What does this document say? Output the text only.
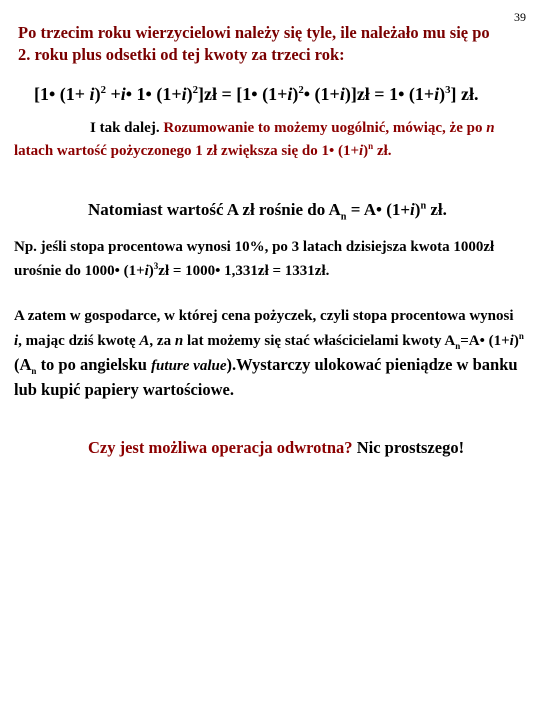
39
Po trzecim roku wierzycielowi należy się tyle, ile należało mu się po 2. roku plus odsetki od tej kwoty za trzeci rok:
[1• $(1+ i)^2$ +i• 1• $(1+i)^2]zł$ = [1• $(1+i)^2•$ (1+i)]zł = 1• $(1+i)^3$] zł.
I tak dalej. Rozumowanie to możemy uogólnić, mówiąc, że po n latach wartość pożyczonego 1 zł zwiększa się do 1• $(1+i)^n$ zł.
Natomiast wartość A zł rośnie do $A_n$ = A• $(1+i)^n$ zł.
Np. jeśli stopa procentowa wynosi 10%, po 3 latach dzisiejsza kwota 1000zł urośnie do 1000• $(1+i)^3zł$ = 1000• 1,331zł = 1331zł.
A zatem w gospodarce, w której cena pożyczek, czyli stopa procentowa wynosi i, mając dziś kwotę A, za n lat możemy się stać właścicielami kwoty $A_n=A•$ $(1+i)^n$ ($A_n$ to po angielsku future value).Wystarczy ulokować pieniądze w banku lub kupić papiery wartościowe.
Czy jest możliwa operacja odwrotna? Nic prostszego!
